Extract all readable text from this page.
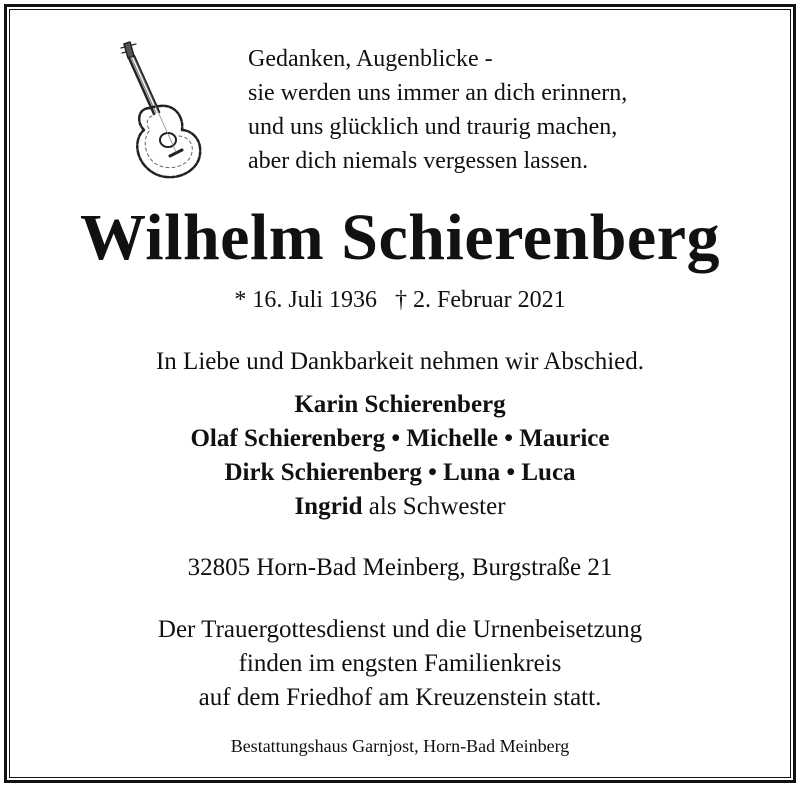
Gedanken, Augenblicke -
sie werden uns immer an dich erinnern,
und uns glücklich und traurig machen,
aber dich niemals vergessen lassen.
Wilhelm Schierenberg
* 16. Juli 1936 † 2. Februar 2021
In Liebe und Dankbarkeit nehmen wir Abschied.
Karin Schierenberg
Olaf Schierenberg • Michelle • Maurice
Dirk Schierenberg • Luna • Luca
Ingrid als Schwester
32805 Horn-Bad Meinberg, Burgstraße 21
Der Trauergottesdienst und die Urnenbeisetzung
finden im engsten Familienkreis
auf dem Friedhof am Kreuzenstein statt.
Bestattungshaus Garnjost, Horn-Bad Meinberg
